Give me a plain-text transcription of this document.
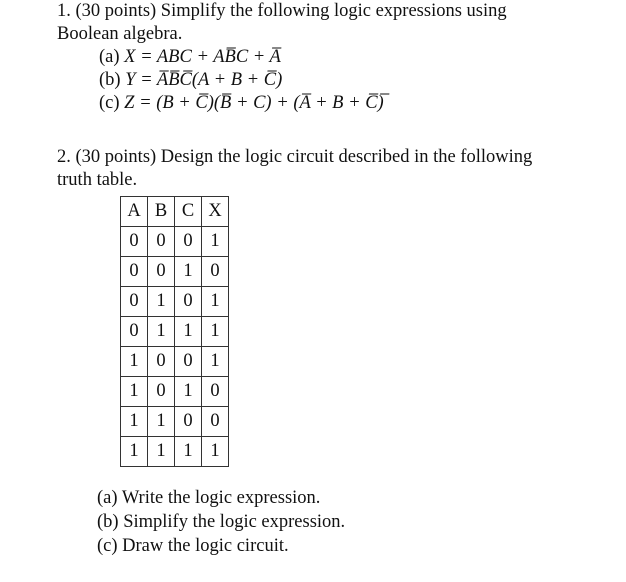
1. (30 points) Simplify the following logic expressions using
Boolean algebra.
(a) X = ABC + AB̅C + A̅
(b) Y = A̅B̅C̅(A + B + C̅)
(c) Z = (B + C̅)(B̅ + C) + (A̅ + B + C̅)̅
2. (30 points) Design the logic circuit described in the following
truth table.
A	B	C	X
0	0	0	1
0	0	1	0
0	1	0	1
0	1	1	1
1	0	0	1
1	0	1	0
1	1	0	0
1	1	1	1
(a) Write the logic expression.
(b) Simplify the logic expression.
(c) Draw the logic circuit.
